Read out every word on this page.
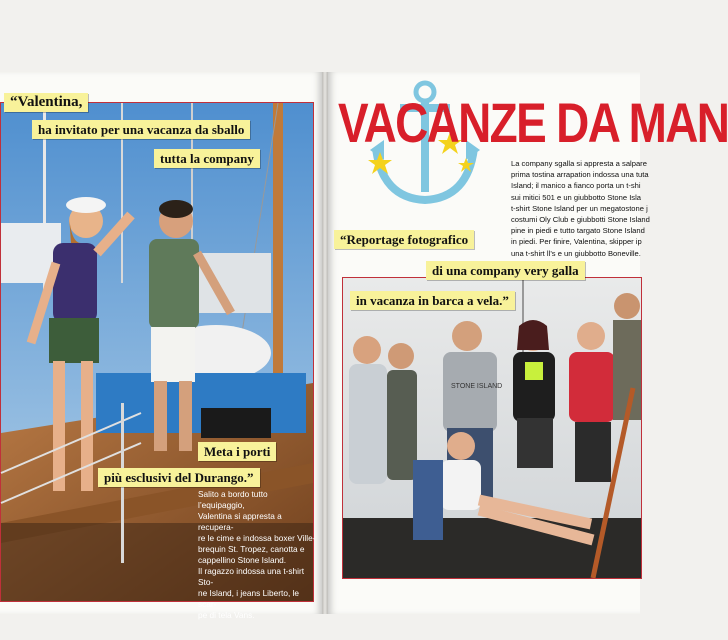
“Valentina,
ha invitato per una vacanza da sballo
tutta la company
Meta i porti
più esclusivi del Durango.”
Salito a bordo tutto l’equipaggio,
Valentina si appresta a recupera-
re le cime e indossa boxer Ville-
brequin St. Tropez, canotta e
cappellino Stone Island.
Il ragazzo indossa una t-shirt Sto-
ne Island, i jeans Liberto, le scar-
pe di tela Vans.
VACANZE DA MAN
La company sgalla si appresta a salpare
prima tostina arrapation indossa una tuta
Island; il manico a fianco porta un t-shi
sui mitici 501 e un giubbotto Stone Isla
t-shirt Stone Island per un megatostone j
costumi Oly Club e giubbotti Stone Island
pine in piedi e tutto targato Stone Island
in piedi. Per finire, Valentina, skipper ip
una t-shirt ll’s e un giubbotto Boneville.
STONE ISLAND
“Reportage fotografico
di una company very galla
in vacanza in barca a vela.”
